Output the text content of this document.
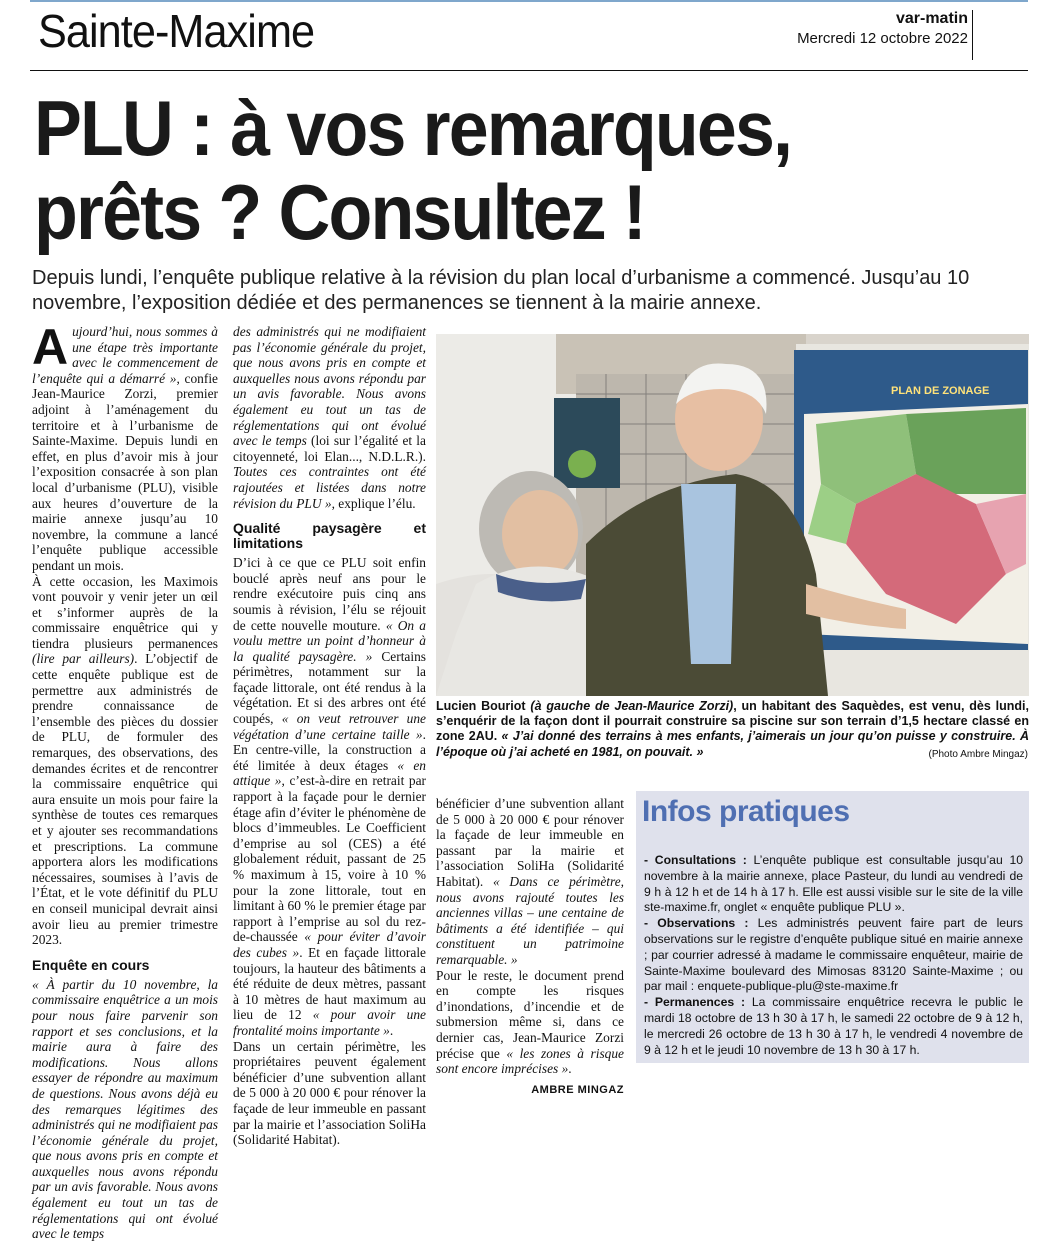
Sainte-Maxime	var-matin
Mercredi 12 octobre 2022
PLU : à vos remarques,
prêts ? Consultez !
Depuis lundi, l’enquête publique relative à la révision du plan local d’urbanisme a commencé. Jusqu’au 10 novembre, l’exposition dédiée et des permanences se tiennent à la mairie annexe.

Aujourd’hui, nous sommes à une étape très importante avec le commencement de l’enquête qui a démarré », confie Jean-Maurice Zorzi, premier adjoint à l’aménagement du territoire et à l’urbanisme de Sainte-Maxime. Depuis lundi en effet, en plus d’avoir mis à jour l’exposition consacrée à son plan local d’urbanisme (PLU), visible aux heures d’ouverture de la mairie annexe jusqu’au 10 novembre, la commune a lancé l’enquête publique accessible pendant un mois.

À cette occasion, les Maximois vont pouvoir y venir jeter un œil et s’informer auprès de la commissaire enquêtrice qui y tiendra plusieurs permanences (lire par ailleurs). L’objectif de cette enquête publique est de permettre aux administrés de prendre connaissance de l’ensemble des pièces du dossier de PLU, de formuler des remarques, des observations, des demandes écrites et de rencontrer la commissaire enquêtrice qui aura ensuite un mois pour faire la synthèse de toutes ces remarques et y ajouter ses recommandations et prescriptions. La commune apportera alors les modifications nécessaires, soumises à l’avis de l’État, et le vote définitif du PLU en conseil municipal devrait ainsi avoir lieu au premier trimestre 2023.

Enquête en cours

« À partir du 10 novembre, la commissaire enquêtrice a un mois pour nous faire parvenir son rapport et ses conclusions, et la mairie aura à faire des modifications. Nous allons essayer de répondre au maximum de questions. Nous avons déjà eu des remarques légitimes des administrés qui ne modifiaient pas l’économie générale du projet, que nous avons pris en compte et auxquelles nous avons répondu par un avis favorable. Nous avons également eu tout un tas de réglementations qui ont évolué avec le temps

des administrés qui ne modifiaient pas l’économie générale du projet, que nous avons pris en compte et auxquelles nous avons répondu par un avis favorable. Nous avons également eu tout un tas de réglementations qui ont évolué avec le temps (loi sur l’égalité et la citoyenneté, loi Elan..., N.D.L.R.). Toutes ces contraintes ont été rajoutées et listées dans notre révision du PLU », explique l’élu.

Qualité paysagère et limitations

D’ici à ce que ce PLU soit enfin bouclé après neuf ans pour le rendre exécutoire puis cinq ans soumis à révision, l’élu se réjouit de cette nouvelle mouture. « On a voulu mettre un point d’honneur à la qualité paysagère. » Certains périmètres, notamment sur la façade littorale, ont été rendus à la végétation. Et si des arbres ont été coupés, « on veut retrouver une végétation d’une certaine taille ». En centre-ville, la construction a été limitée à deux étages « en attique », c’est-à-dire en retrait par rapport à la façade pour le dernier étage afin d’éviter le phénomène de blocs d’immeubles. Le Coefficient d’emprise au sol (CES) a été globalement réduit, passant de 25 % maximum à 15, voire à 10 % pour la zone littorale, tout en limitant à 60 % le premier étage par rapport à l’emprise au sol du rez-de-chaussée « pour éviter d’avoir des cubes ». Et en façade littorale toujours, la hauteur des bâtiments a été réduite de deux mètres, passant à 10 mètres de haut maximum au lieu de 12 « pour avoir une frontalité moins importante ».

Dans un certain périmètre, les propriétaires peuvent également bénéficier d’une subvention allant de 5 000 à 20 000 € pour rénover la façade de leur immeuble en passant par la mairie et l’association SoliHa (Solidarité Habitat).

PLAN DE ZONAGE
Lucien Bouriot (à gauche de Jean-Maurice Zorzi), un habitant des Saquèdes, est venu, dès lundi, s’enquérir de la façon dont il pourrait construire sa piscine sur son terrain d’1,5 hectare classé en zone 2AU. « J’ai donné des terrains à mes enfants, j’aimerais un jour qu’on puisse y construire. À l’époque où j’ai acheté en 1981, on pouvait. »	(Photo Ambre Mingaz)

bénéficier d’une subvention allant de 5 000 à 20 000 € pour rénover la façade de leur immeuble en passant par la mairie et l’association SoliHa (Solidarité Habitat). « Dans ce périmètre, nous avons rajouté toutes les anciennes villas – une centaine de bâtiments a été identifiée – qui constituent un patrimoine remarquable. »

Pour le reste, le document prend en compte les risques d’inondations, d’incendie et de submersion même si, dans ce dernier cas, Jean-Maurice Zorzi précise que « les zones à risque sont encore imprécises ».

AMBRE MINGAZ
Infos pratiques

- Consultations : L’enquête publique est consultable jusqu’au 10 novembre à la mairie annexe, place Pasteur, du lundi au vendredi de 9 h à 12 h et de 14 h à 17 h. Elle est aussi visible sur le site de la ville ste-maxime.fr, onglet « enquête publique PLU ».

- Observations : Les administrés peuvent faire part de leurs observations sur le registre d’enquête publique situé en mairie annexe ; par courrier adressé à madame le commissaire enquêteur, mairie de Sainte-Maxime boulevard des Mimosas 83120 Sainte-Maxime ; ou par mail : enquete-publique-plu@ste-maxime.fr

- Permanences : La commissaire enquêtrice recevra le public le mardi 18 octobre de 13 h 30 à 17 h, le samedi 22 octobre de 9 à 12 h, le mercredi 26 octobre de 13 h 30 à 17 h, le vendredi 4 novembre de 9 à 12 h et le jeudi 10 novembre de 13 h 30 à 17 h.
